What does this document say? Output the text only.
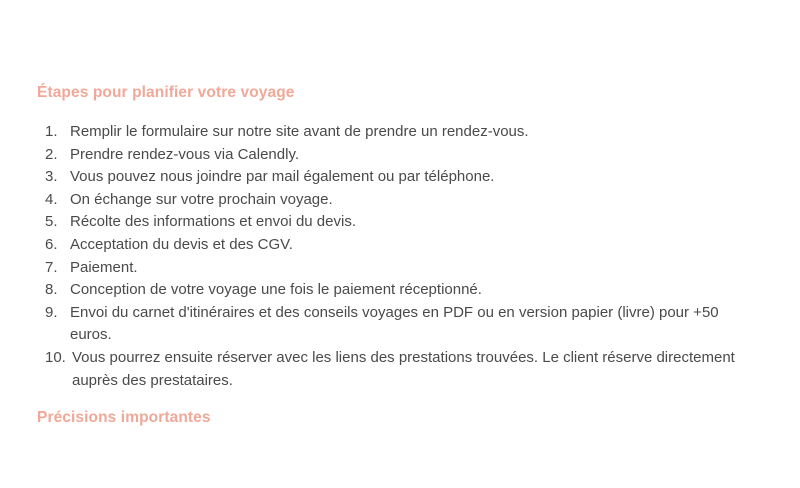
Étapes pour planifier votre voyage
1. Remplir le formulaire sur notre site avant de prendre un rendez-vous.
2. Prendre rendez-vous via Calendly.
3. Vous pouvez nous joindre par mail également ou par téléphone.
4. On échange sur votre prochain voyage.
5. Récolte des informations et envoi du devis.
6. Acceptation du devis et des CGV.
7. Paiement.
8. Conception de votre voyage une fois le paiement réceptionné.
9. Envoi du carnet d'itinéraires et des conseils voyages en PDF ou en version papier (livre) pour +50 euros.
10. Vous pourrez ensuite réserver avec les liens des prestations trouvées. Le client réserve directement auprès des prestataires.
Précisions importantes
